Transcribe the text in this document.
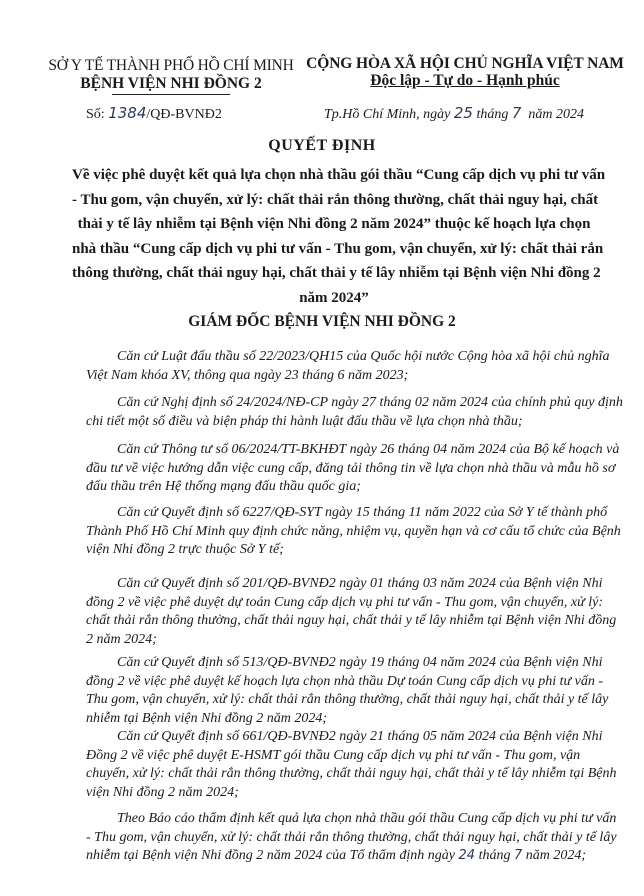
SỞ Y TẾ THÀNH PHỐ HỒ CHÍ MINH
BỆNH VIỆN NHI ĐỒNG 2
CỘNG HÒA XÃ HỘI CHỦ NGHĨA VIỆT NAM
Độc lập - Tự do - Hạnh phúc
Số: 1384/QĐ-BVNĐ2	Tp.Hồ Chí Minh, ngày 25 tháng 7 năm 2024
QUYẾT ĐỊNH
Về việc phê duyệt kết quả lựa chọn nhà thầu gói thầu “Cung cấp dịch vụ phi tư vấn
- Thu gom, vận chuyển, xử lý: chất thải rắn thông thường, chất thải nguy hại, chất
thải y tế lây nhiễm tại Bệnh viện Nhi đồng 2 năm 2024” thuộc kế hoạch lựa chọn
nhà thầu “Cung cấp dịch vụ phi tư vấn - Thu gom, vận chuyển, xử lý: chất thải rắn
thông thường, chất thải nguy hại, chất thải y tế lây nhiễm tại Bệnh viện Nhi đồng 2
năm 2024”
GIÁM ĐỐC BỆNH VIỆN NHI ĐỒNG 2
Căn cứ Luật đấu thầu số 22/2023/QH15 của Quốc hội nước Cộng hòa xã hội chủ nghĩa
Việt Nam khóa XV, thông qua ngày 23 tháng 6 năm 2023;
Căn cứ Nghị định số 24/2024/NĐ-CP ngày 27 tháng 02 năm 2024 của chính phủ quy định
chi tiết một số điều và biện pháp thi hành luật đấu thầu về lựa chọn nhà thầu;
Căn cứ Thông tư số 06/2024/TT-BKHĐT ngày 26 tháng 04 năm 2024 của Bộ kế hoạch và
đầu tư về việc hướng dẫn việc cung cấp, đăng tải thông tin về lựa chọn nhà thầu và mẫu hồ sơ
đấu thầu trên Hệ thống mạng đấu thầu quốc gia;
Căn cứ Quyết định số 6227/QĐ-SYT ngày 15 tháng 11 năm 2022 của Sở Y tế thành phố
Thành Phố Hồ Chí Minh quy định chức năng, nhiệm vụ, quyền hạn và cơ cấu tổ chức của Bệnh
viện Nhi đồng 2 trực thuộc Sở Y tế;
Căn cứ Quyết định số 201/QĐ-BVNĐ2 ngày 01 tháng 03 năm 2024 của Bệnh viện Nhi
đồng 2 về việc phê duyệt dự toán Cung cấp dịch vụ phi tư vấn - Thu gom, vận chuyển, xử lý:
chất thải rắn thông thường, chất thải nguy hại, chất thải y tế lây nhiễm tại Bệnh viện Nhi đồng
2 năm 2024;
Căn cứ Quyết định số 513/QĐ-BVNĐ2 ngày 19 tháng 04 năm 2024 của Bệnh viện Nhi
đồng 2 về việc phê duyệt kế hoạch lựa chọn nhà thầu Dự toán Cung cấp dịch vụ phi tư vấn -
Thu gom, vận chuyển, xử lý: chất thải rắn thông thường, chất thải nguy hại, chất thải y tế lây
nhiễm tại Bệnh viện Nhi đồng 2 năm 2024;
Căn cứ Quyết định số 661/QĐ-BVNĐ2 ngày 21 tháng 05 năm 2024 của Bệnh viện Nhi
Đồng 2 về việc phê duyệt E-HSMT gói thầu Cung cấp dịch vụ phi tư vấn - Thu gom, vận
chuyển, xử lý: chất thải rắn thông thường, chất thải nguy hại, chất thải y tế lây nhiễm tại Bệnh
viện Nhi đồng 2 năm 2024;
Theo Báo cáo thẩm định kết quả lựa chọn nhà thầu gói thầu Cung cấp dịch vụ phi tư vấn
- Thu gom, vận chuyển, xử lý: chất thải rắn thông thường, chất thải nguy hại, chất thải y tế lây
nhiễm tại Bệnh viện Nhi đồng 2 năm 2024 của Tổ thẩm định ngày 24 tháng 7 năm 2024;
